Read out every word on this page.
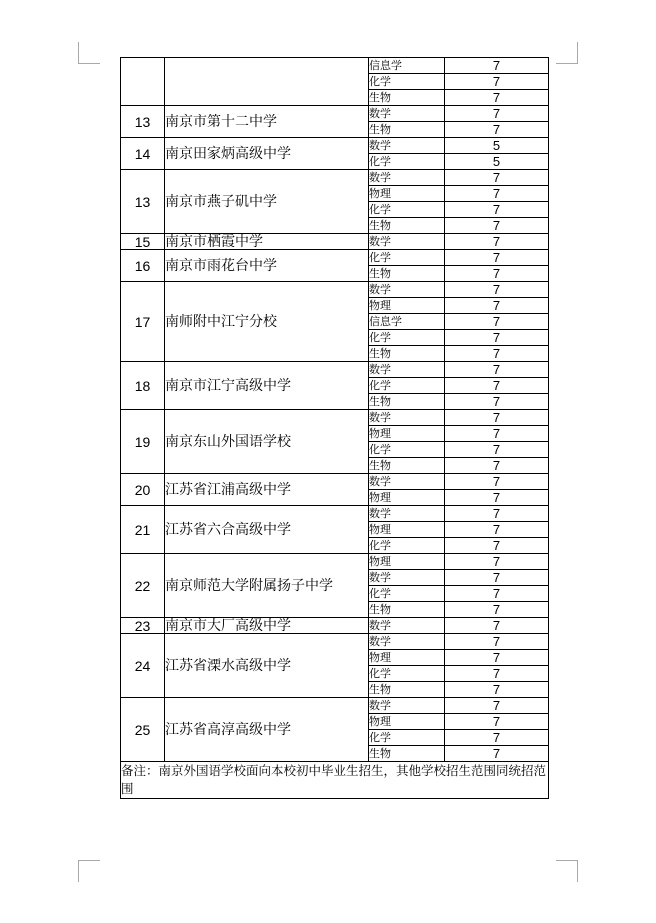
		信息学	7
		化学	7
		生物	7
13	南京市第十二中学	数学	7
		生物	7
14	南京田家炳高级中学	数学	5
		化学	5
13	南京市燕子矶中学	数学	7
		物理	7
		化学	7
		生物	7
15	南京市栖霞中学	数学	7
16	南京市雨花台中学	化学	7
		生物	7
17	南师附中江宁分校	数学	7
		物理	7
		信息学	7
		化学	7
		生物	7
18	南京市江宁高级中学	数学	7
		化学	7
		生物	7
19	南京东山外国语学校	数学	7
		物理	7
		化学	7
		生物	7
20	江苏省江浦高级中学	数学	7
		物理	7
21	江苏省六合高级中学	数学	7
		物理	7
		化学	7
22	南京师范大学附属扬子中学	物理	7
		数学	7
		化学	7
		生物	7
23	南京市大厂高级中学	数学	7
24	江苏省溧水高级中学	数学	7
		物理	7
		化学	7
		生物	7
25	江苏省高淳高级中学	数学	7
		物理	7
		化学	7
		生物	7
备注：南京外国语学校面向本校初中毕业生招生，其他学校招生范围同统招范围			
